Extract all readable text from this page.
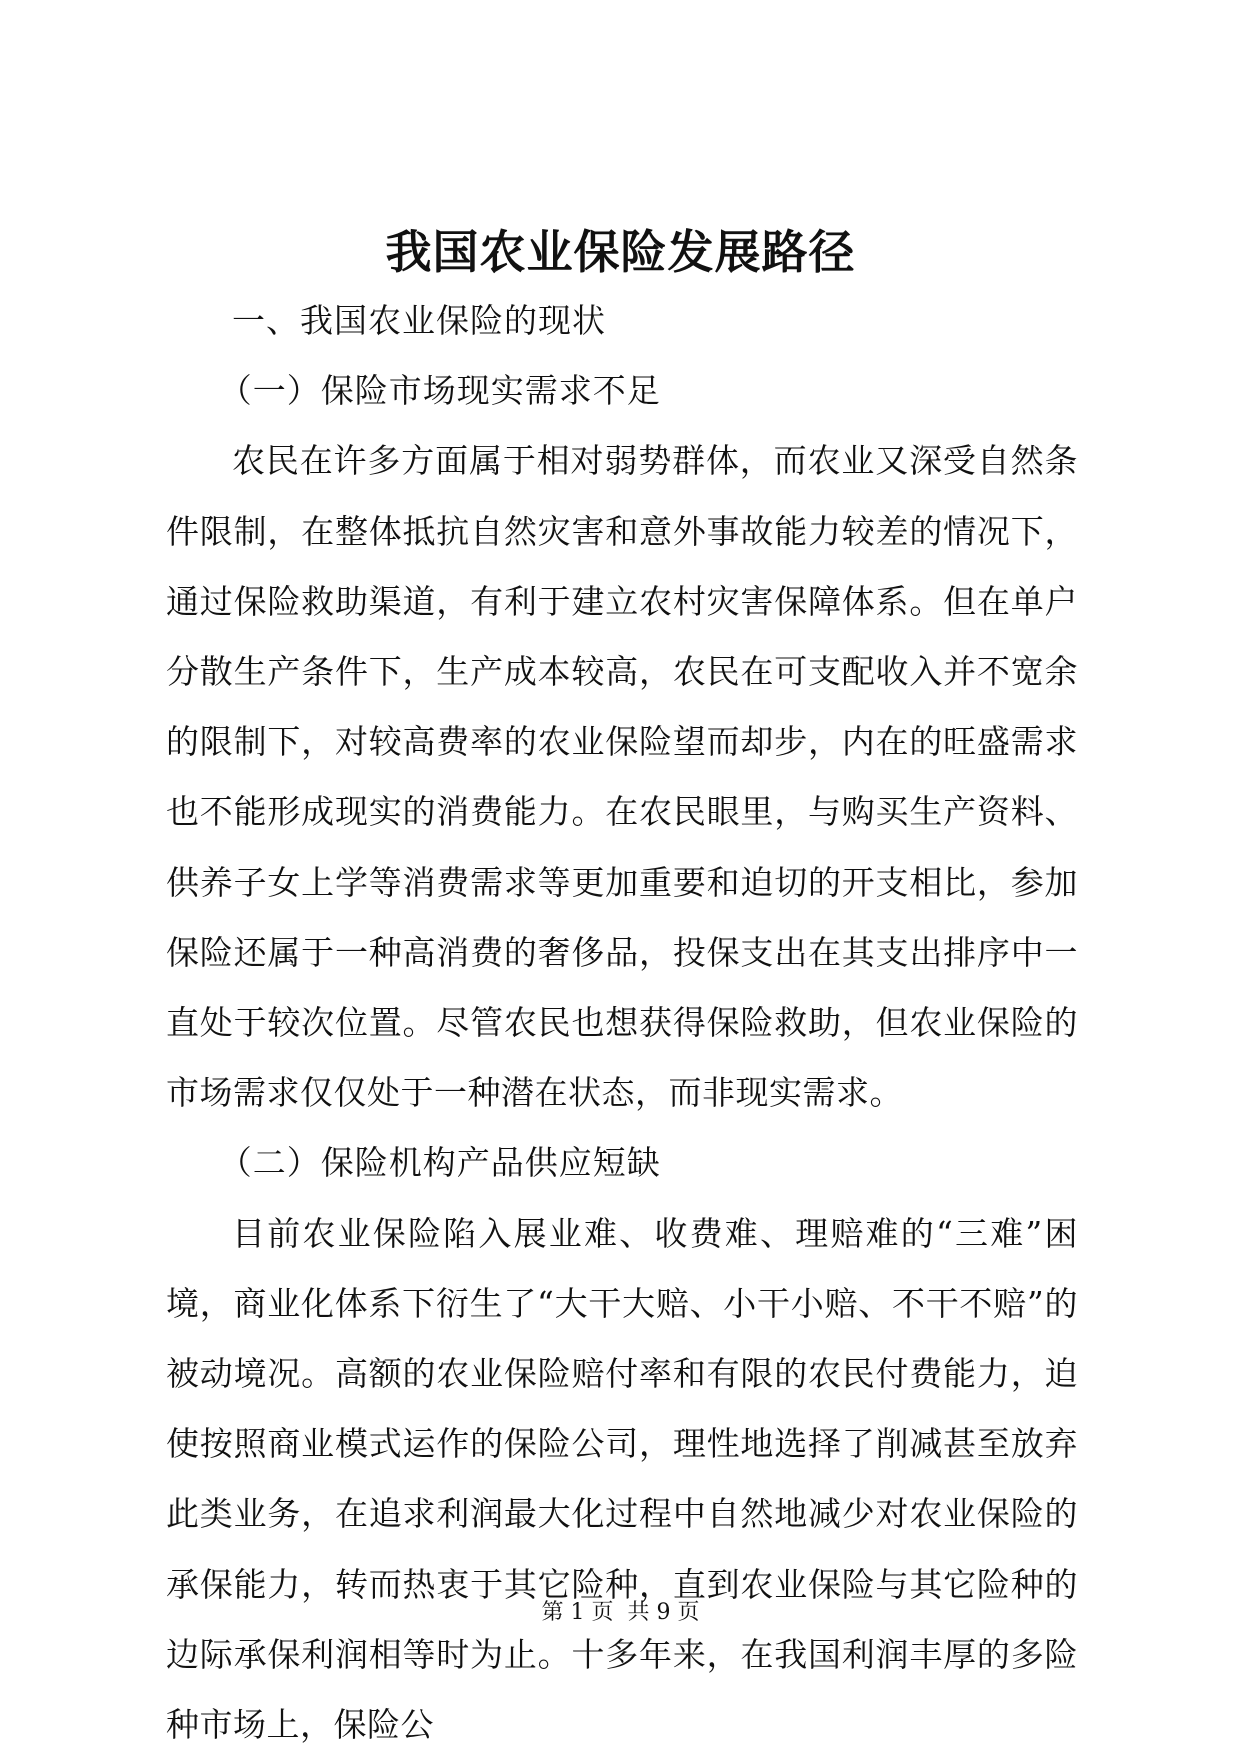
我国农业保险发展路径

一、我国农业保险的现状

（一）保险市场现实需求不足

农民在许多方面属于相对弱势群体，而农业又深受自然条件限制，在整体抵抗自然灾害和意外事故能力较差的情况下，通过保险救助渠道，有利于建立农村灾害保障体系。但在单户分散生产条件下，生产成本较高，农民在可支配收入并不宽余的限制下，对较高费率的农业保险望而却步，内在的旺盛需求也不能形成现实的消费能力。在农民眼里，与购买生产资料、供养子女上学等消费需求等更加重要和迫切的开支相比，参加保险还属于一种高消费的奢侈品，投保支出在其支出排序中一直处于较次位置。尽管农民也想获得保险救助，但农业保险的市场需求仅仅处于一种潜在状态，而非现实需求。

（二）保险机构产品供应短缺

目前农业保险陷入展业难、收费难、理赔难的“三难”困境，商业化体系下衍生了“大干大赔、小干小赔、不干不赔”的被动境况。高额的农业保险赔付率和有限的农民付费能力，迫使按照商业模式运作的保险公司，理性地选择了削减甚至放弃此类业务，在追求利润最大化过程中自然地减少对农业保险的承保能力，转而热衷于其它险种，直到农业保险与其它险种的边际承保利润相等时为止。十多年来，在我国利润丰厚的多险种市场上，保险公

第 1 页  共 9 页
